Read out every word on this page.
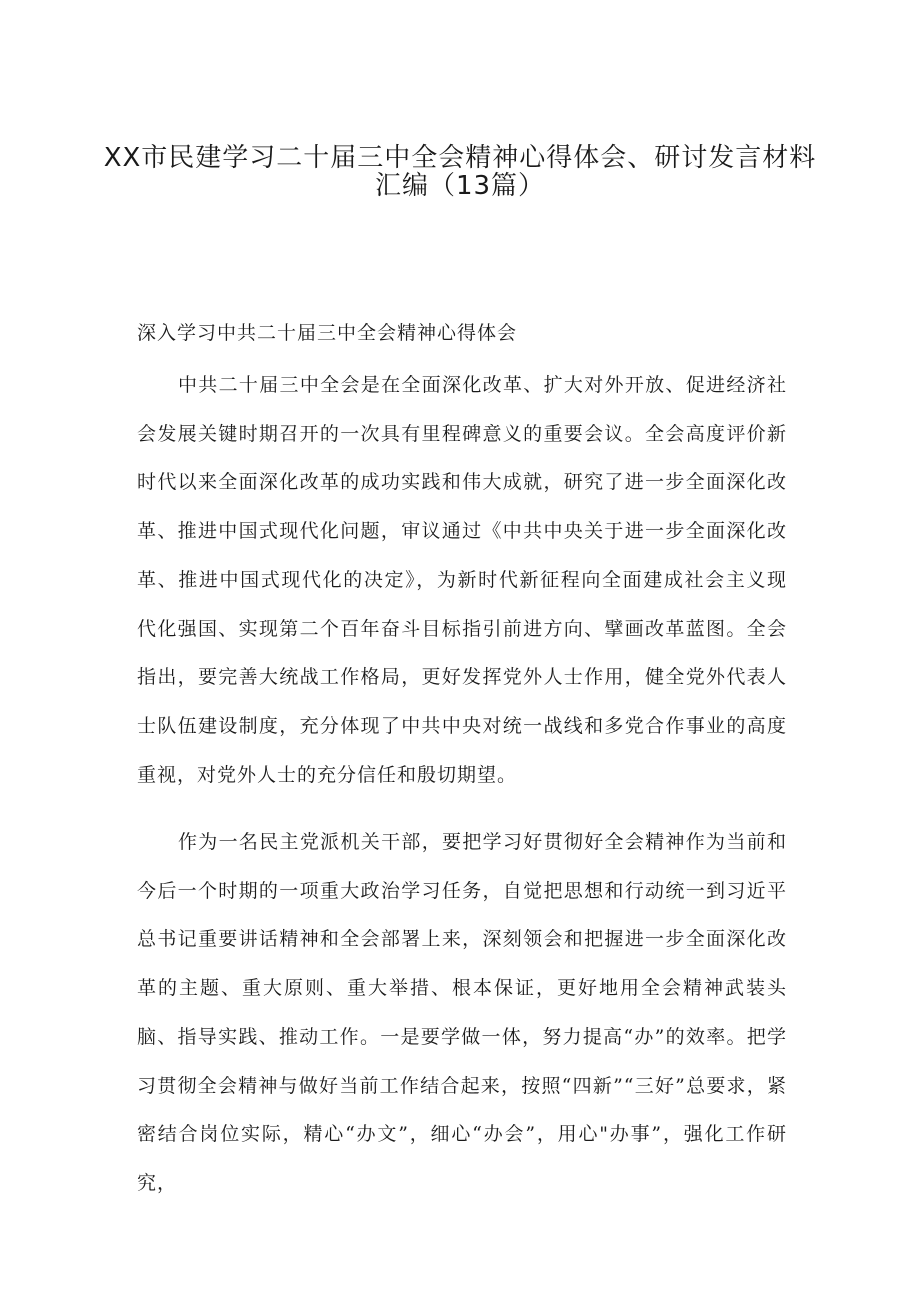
XX市民建学习二十届三中全会精神心得体会、研讨发言材料
汇编（13篇）
深入学习中共二十届三中全会精神心得体会

中共二十届三中全会是在全面深化改革、扩大对外开放、促进经济社会发展关键时期召开的一次具有里程碑意义的重要会议。全会高度评价新时代以来全面深化改革的成功实践和伟大成就，研究了进一步全面深化改革、推进中国式现代化问题，审议通过《中共中央关于进一步全面深化改革、推进中国式现代化的决定》，为新时代新征程向全面建成社会主义现代化强国、实现第二个百年奋斗目标指引前进方向、擘画改革蓝图。全会指出，要完善大统战工作格局，更好发挥党外人士作用，健全党外代表人士队伍建设制度，充分体现了中共中央对统一战线和多党合作事业的高度重视，对党外人士的充分信任和殷切期望。

作为一名民主党派机关干部，要把学习好贯彻好全会精神作为当前和今后一个时期的一项重大政治学习任务，自觉把思想和行动统一到习近平总书记重要讲话精神和全会部署上来，深刻领会和把握进一步全面深化改革的主题、重大原则、重大举措、根本保证，更好地用全会精神武装头脑、指导实践、推动工作。一是要学做一体，努力提高“办”的效率。把学习贯彻全会精神与做好当前工作结合起来，按照“四新”“三好”总要求，紧密结合岗位实际，精心“办文”，细心“办会”，用心"办事”，强化工作研究，
